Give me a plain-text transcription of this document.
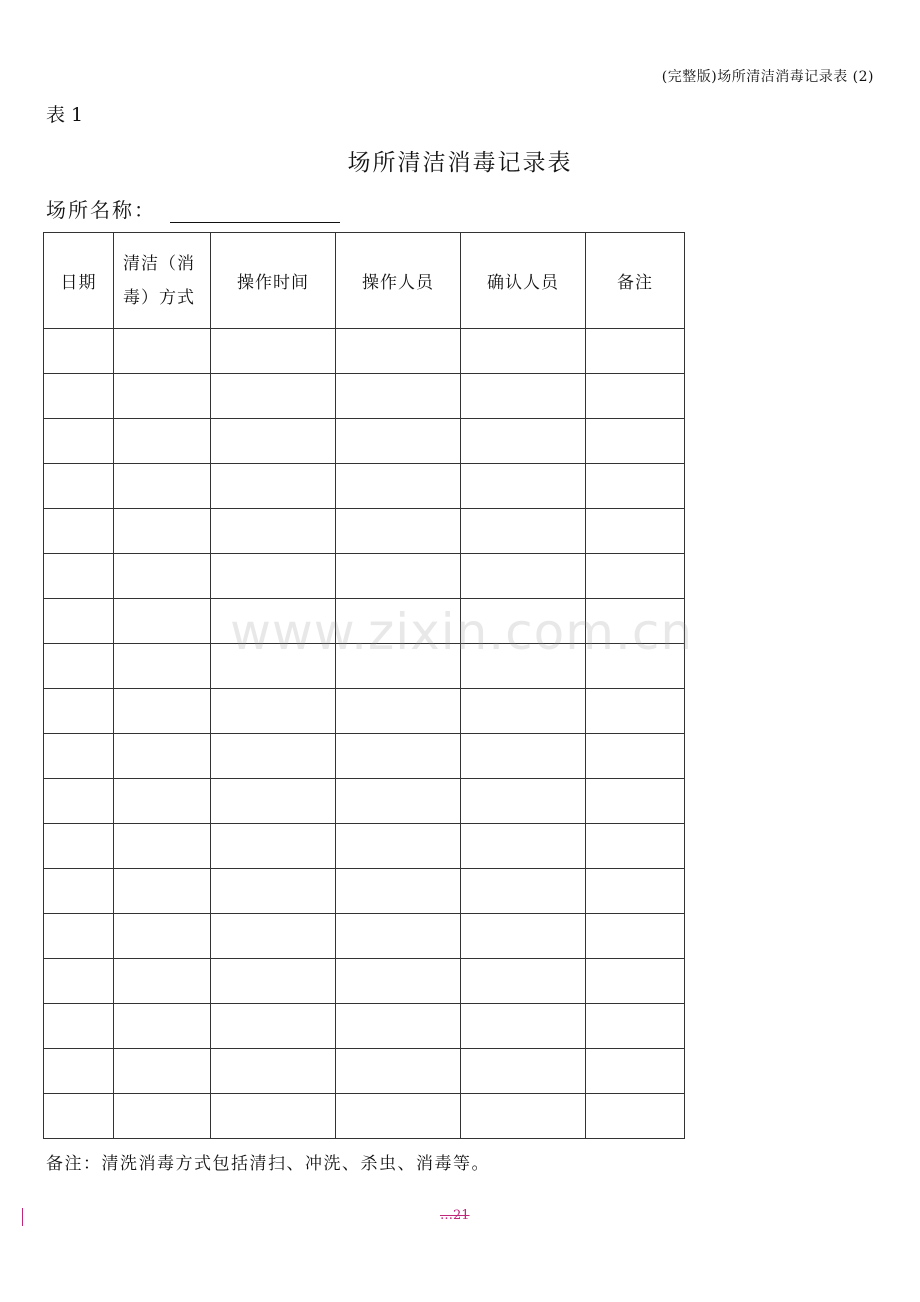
(完整版)场所清洁消毒记录表 (2)
表 1
场所清洁消毒记录表
场所名称：
日期	清洁（消毒）方式	操作时间	操作人员	确认人员	备注

www.zixin.com.cn
备注：清洗消毒方式包括清扫、冲洗、杀虫、消毒等。
…21
